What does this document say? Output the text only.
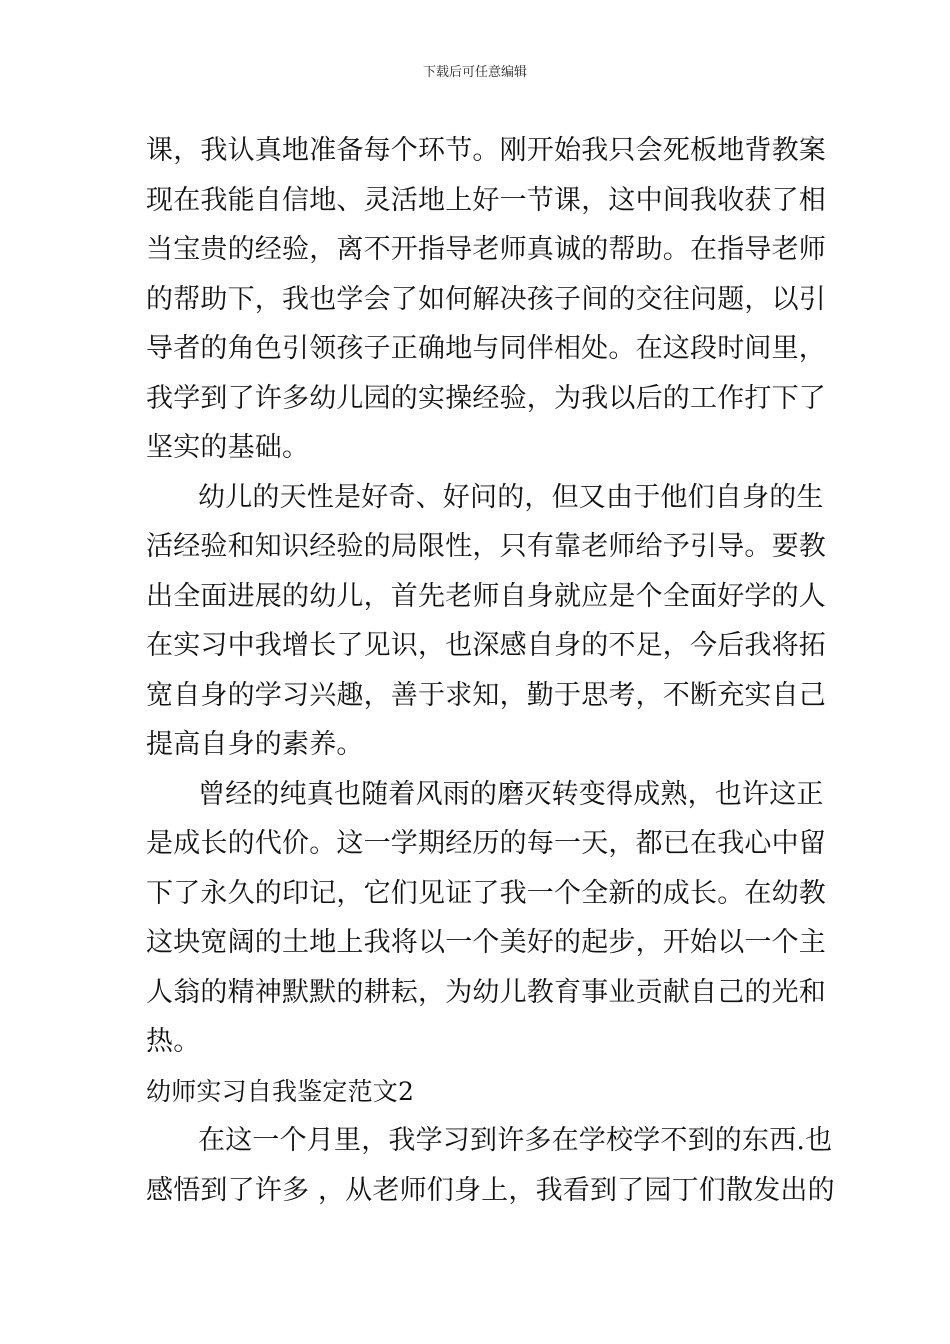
下载后可任意编辑
课，我认真地准备每个环节。刚开始我只会死板地背教案
现在我能自信地、灵活地上好一节课，这中间我收获了相
当宝贵的经验，离不开指导老师真诚的帮助。在指导老师
的帮助下，我也学会了如何解决孩子间的交往问题，以引
导者的角色引领孩子正确地与同伴相处。在这段时间里，
我学到了许多幼儿园的实操经验，为我以后的工作打下了
坚实的基础。
幼儿的天性是好奇、好问的，但又由于他们自身的生
活经验和知识经验的局限性，只有靠老师给予引导。要教
出全面进展的幼儿，首先老师自身就应是个全面好学的人
在实习中我增长了见识，也深感自身的不足，今后我将拓
宽自身的学习兴趣，善于求知，勤于思考，不断充实自己
提高自身的素养。
曾经的纯真也随着风雨的磨灭转变得成熟，也许这正
是成长的代价。这一学期经历的每一天，都已在我心中留
下了永久的印记，它们见证了我一个全新的成长。在幼教
这块宽阔的土地上我将以一个美好的起步，开始以一个主
人翁的精神默默的耕耘，为幼儿教育事业贡献自己的光和
热。
幼师实习自我鉴定范文2
在这一个月里，我学习到许多在学校学不到的东西.也
感悟到了许多 ，从老师们身上，我看到了园丁们散发出的
